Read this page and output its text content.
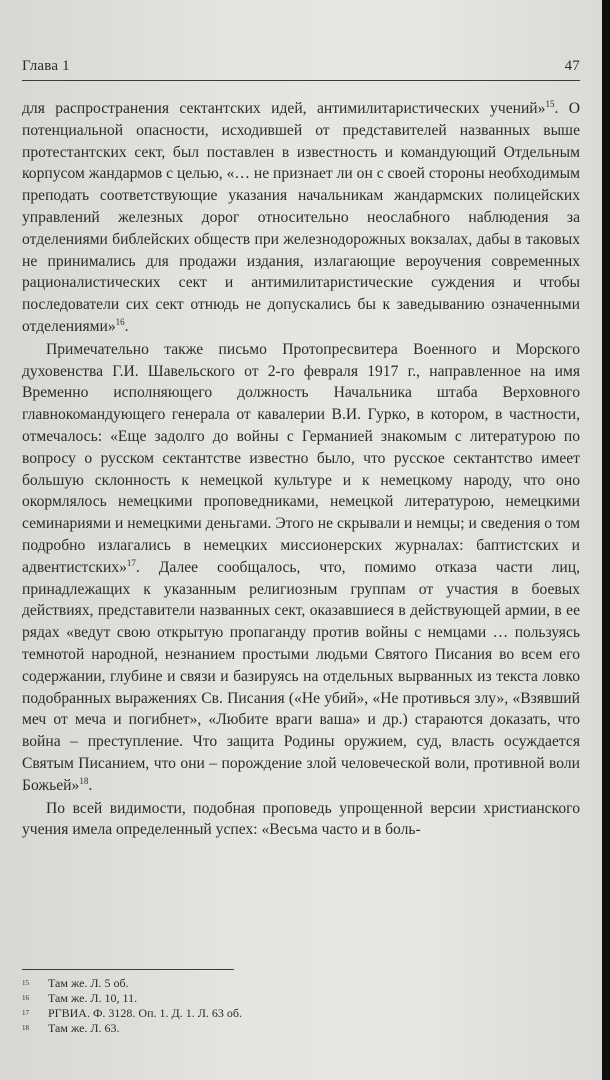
Глава 1	47

для распространения сектантских идей, антимилитаристических учений»$^{15}$. О потенциальной опасности, исходившей от представителей названных выше протестантских сект, был поставлен в известность и командующий Отдельным корпусом жандармов с целью, «… не признает ли он с своей стороны необходимым преподать соответствующие указания начальникам жандармских полицейских управлений железных дорог относительно неослабного наблюдения за отделениями библейских обществ при железнодорожных вокзалах, дабы в таковых не принимались для продажи издания, излагающие вероучения современных рационалистических сект и антимилитаристические суждения и чтобы последователи сих сект отнюдь не допускались бы к заведыванию означенными отделениями»$^{16}$.

Примечательно также письмо Протопресвитера Военного и Морского духовенства Г.И. Шавельского от 2-го февраля 1917 г., направленное на имя Временно исполняющего должность Начальника штаба Верховного главнокомандующего генерала от кавалерии В.И. Гурко, в котором, в частности, отмечалось: «Еще задолго до войны с Германией знакомым с литературою по вопросу о русском сектантстве известно было, что русское сектантство имеет большую склонность к немецкой культуре и к немецкому народу, что оно окормлялось немецкими проповедниками, немецкой литературою, немецкими семинариями и немецкими деньгами. Этого не скрывали и немцы; и сведения о том подробно излагались в немецких миссионерских журналах: баптистских и адвентистских»$^{17}$. Далее сообщалось, что, помимо отказа части лиц, принадлежащих к указанным религиозным группам от участия в боевых действиях, представители названных сект, оказавшиеся в действующей армии, в ее рядах «ведут свою открытую пропаганду против войны с немцами … пользуясь темнотой народной, незнанием простыми людьми Святого Писания во всем его содержании, глубине и связи и базируясь на отдельных вырванных из текста ловко подобранных выражениях Св. Писания («Не убий», «Не противься злу», «Взявший меч от меча и погибнет», «Любите враги ваша» и др.) стараются доказать, что война – преступление. Что защита Родины оружием, суд, власть осуждается Святым Писанием, что они – порождение злой человеческой воли, противной воли Божьей»$^{18}$.

По всей видимости, подобная проповедь упрощенной версии христианского учения имела определенный успех: «Весьма часто и в боль-

15 Там же. Л. 5 об.
16 Там же. Л. 10, 11.
17 РГВИА. Ф. 3128. Оп. 1. Д. 1. Л. 63 об.
18 Там же. Л. 63.
